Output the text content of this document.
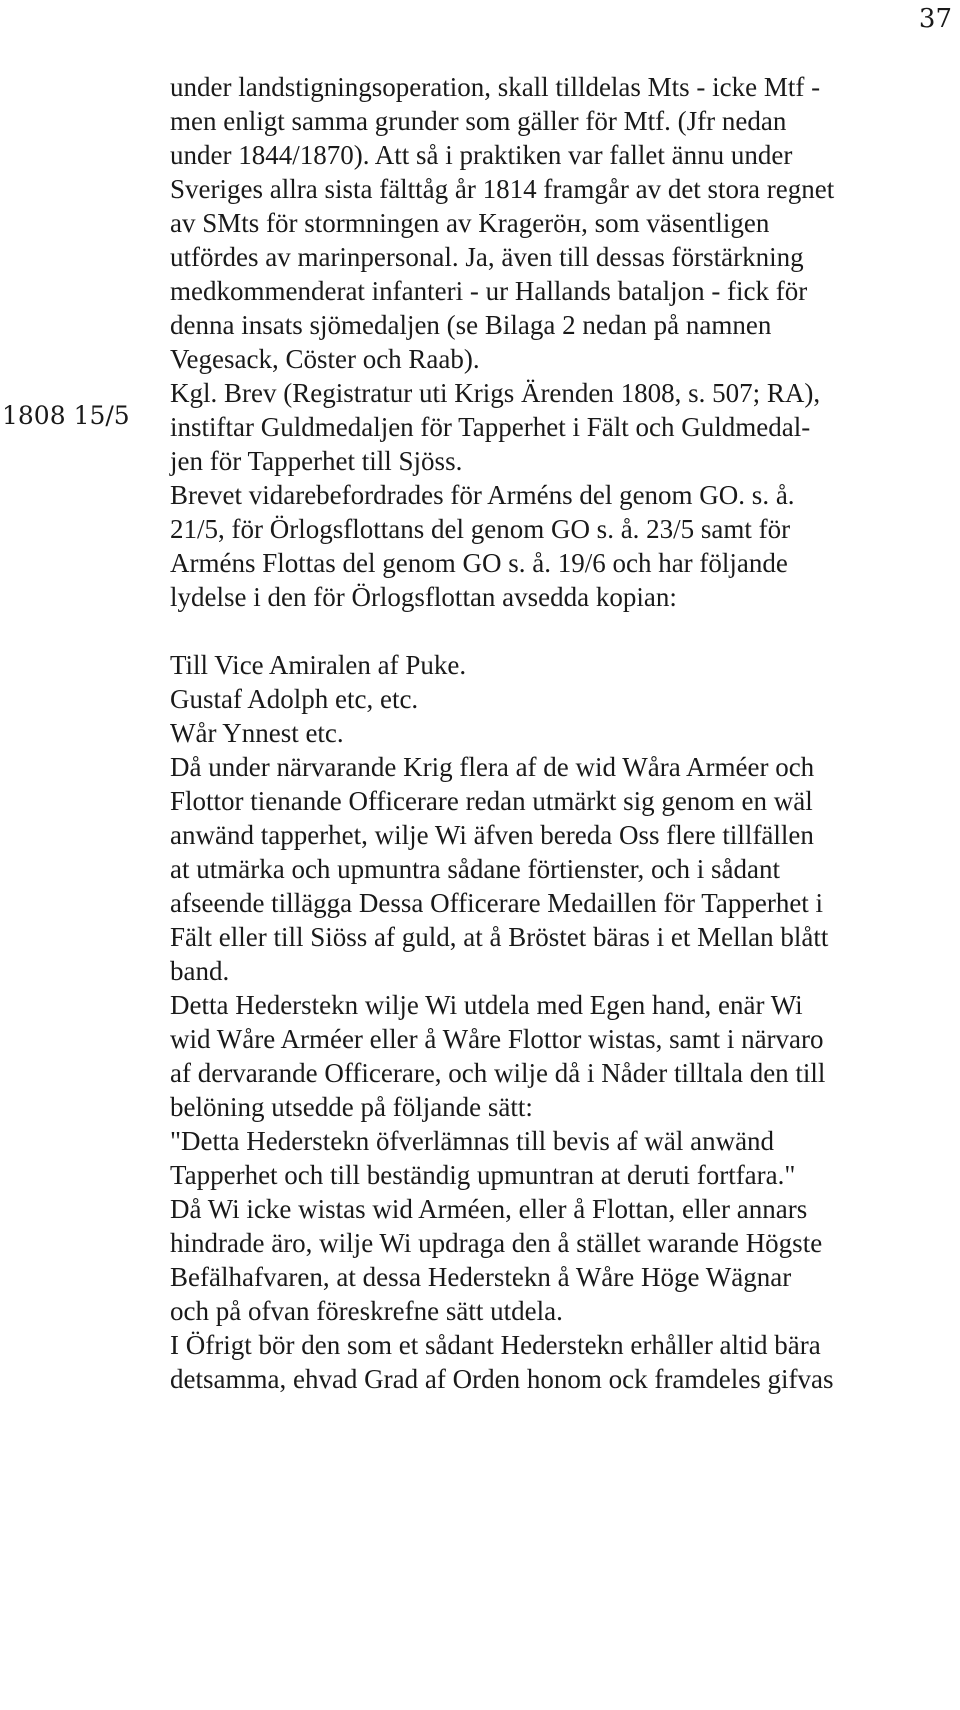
37
1808 15/5
under landstigningsoperation, skall tilldelas Mts - icke Mtf -
men enligt samma grunder som gäller för Mtf. (Jfr nedan
under 1844/1870). Att så i praktiken var fallet ännu under
Sveriges allra sista fälttåg år 1814 framgår av det stora regnet
av SMts för stormningen av Krageröн, som väsentligen
utfördes av marinpersonal. Ja, även till dessas förstärkning
medkommenderat infanteri - ur Hallands bataljon - fick för
denna insats sjömedaljen (se Bilaga 2 nedan på namnen
Vegesack, Cöster och Raab).
Kgl. Brev (Registratur uti Krigs Ärenden 1808, s. 507; RA),
instiftar Guldmedaljen för Tapperhet i Fält och Guldmedal-
jen för Tapperhet till Sjöss.
Brevet vidarebefordrades för Arméns del genom GO. s. å.
21/5, för Örlogsflottans del genom GO s. å. 23/5 samt för
Arméns Flottas del genom GO s. å. 19/6 och har följande
lydelse i den för Örlogsflottan avsedda kopian:
Till Vice Amiralen af Puke.
Gustaf Adolph etc, etc.
Wår Ynnest etc.
Då under närvarande Krig flera af de wid Wåra Arméer och
Flottor tienande Officerare redan utmärkt sig genom en wäl
anwänd tapperhet, wilje Wi äfven bereda Oss flere tillfällen
at utmärka och upmuntra sådane förtienster, och i sådant
afseende tillägga Dessa Officerare Medaillen för Tapperhet i
Fält eller till Siöss af guld, at å Bröstet bäras i et Mellan blått
band.
Detta Hederstekn wilje Wi utdela med Egen hand, enär Wi
wid Wåre Arméer eller å Wåre Flottor wistas, samt i närvaro
af dervarande Officerare, och wilje då i Nåder tilltala den till
belöning utsedde på följande sätt:
"Detta Hederstekn öfverlämnas till bevis af wäl anwänd
Tapperhet och till beständig upmuntran at deruti fortfara."
Då Wi icke wistas wid Arméen, eller å Flottan, eller annars
hindrade äro, wilje Wi updraga den å stället warande Högste
Befälhafvaren, at dessa Hederstekn å Wåre Höge Wägnar
och på ofvan föreskrefne sätt utdela.
I Öfrigt bör den som et sådant Hederstekn erhåller altid bära
detsamma, ehvad Grad af Orden honom ock framdeles gifvas
